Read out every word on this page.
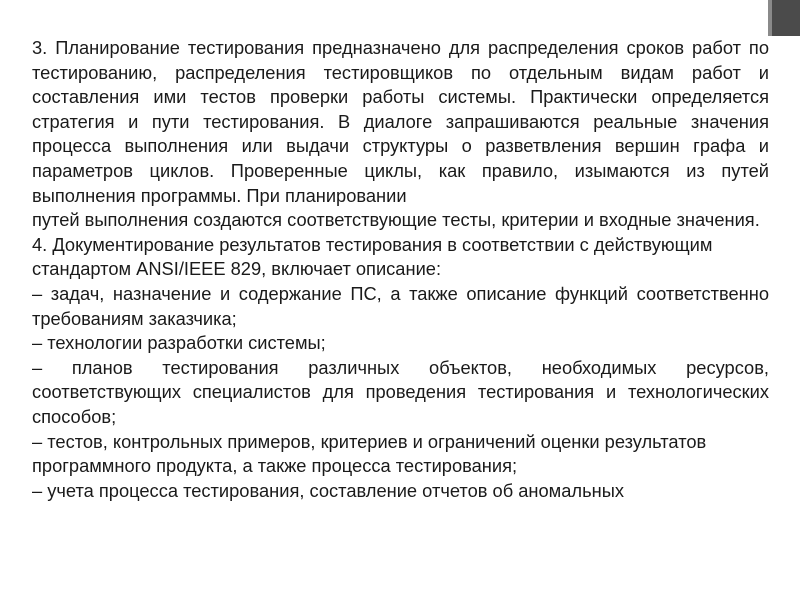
3. Планирование тестирования предназначено для распределения сроков работ по тестированию, распределения тестировщиков по отдельным видам работ и составления ими тестов проверки работы системы. Практически определяется стратегия и пути тестирования. В диалоге запрашиваются реальные значения процесса выполнения или выдачи структуры о разветвления вершин графа и параметров циклов. Проверенные циклы, как правило, изымаются из путей выполнения программы. При планировании

путей выполнения создаются соответствующие тесты, критерии и входные значения.

4. Документирование результатов тестирования в соответствии с действующим

стандартом ANSI/IEEE 829, включает описание:

– задач, назначение и содержание ПС, а также описание функций соответственно требованиям заказчика;

– технологии разработки системы;

– планов тестирования различных объектов, необходимых ресурсов, соответствующих специалистов для проведения тестирования и технологических способов;

– тестов, контрольных примеров, критериев и ограничений оценки результатов

программного продукта, а также процесса тестирования;

– учета процесса тестирования, составление отчетов об аномальных
